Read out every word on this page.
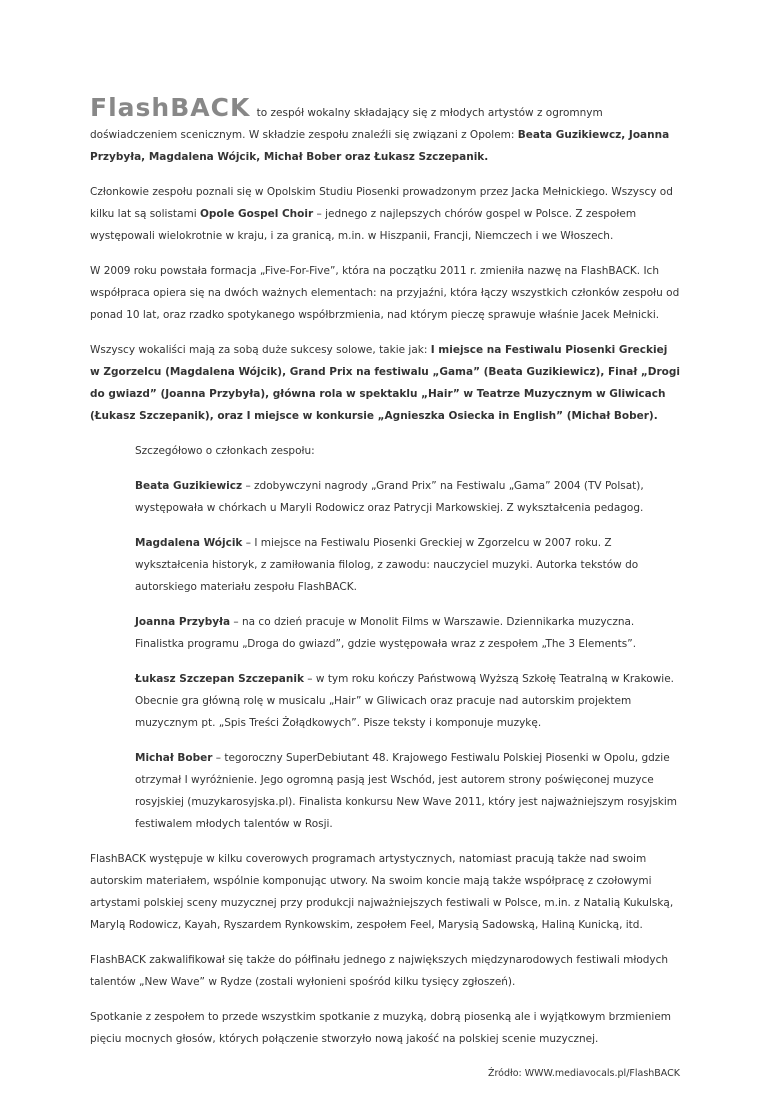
FlashBACK to zespół wokalny składający się z młodych artystów z ogromnym doświadczeniem scenicznym. W składzie zespołu znaleźli się związani z Opolem: Beata Guzikiewcz, Joanna Przybyła, Magdalena Wójcik, Michał Bober oraz Łukasz Szczepanik.

Członkowie zespołu poznali się w Opolskim Studiu Piosenki prowadzonym przez Jacka Mełnickiego. Wszyscy od kilku lat są solistami Opole Gospel Choir – jednego z najlepszych chórów gospel w Polsce. Z zespołem występowali wielokrotnie w kraju, i za granicą, m.in. w Hiszpanii, Francji, Niemczech i we Włoszech.

W 2009 roku powstała formacja „Five-For-Five”, która na początku 2011 r. zmieniła nazwę na FlashBACK. Ich współpraca opiera się na dwóch ważnych elementach: na przyjaźni, która łączy wszystkich członków zespołu od ponad 10 lat, oraz rzadko spotykanego współbrzmienia, nad którym pieczę sprawuje właśnie Jacek Mełnicki.

Wszyscy wokaliści mają za sobą duże sukcesy solowe, takie jak: I miejsce na Festiwalu Piosenki Greckiej w Zgorzelcu (Magdalena Wójcik), Grand Prix na festiwalu „Gama” (Beata Guzikiewicz), Finał „Drogi do gwiazd” (Joanna Przybyła), główna rola w spektaklu „Hair” w Teatrze Muzycznym w Gliwicach (Łukasz Szczepanik), oraz I miejsce w konkursie „Agnieszka Osiecka in English” (Michał Bober).

Szczegółowo o członkach zespołu:

Beata Guzikiewicz – zdobywczyni nagrody „Grand Prix” na Festiwalu „Gama” 2004 (TV Polsat), występowała w chórkach u Maryli Rodowicz oraz Patrycji Markowskiej. Z wykształcenia pedagog.

Magdalena Wójcik – I miejsce na Festiwalu Piosenki Greckiej w Zgorzelcu w 2007 roku. Z wykształcenia historyk, z zamiłowania filolog, z zawodu: nauczyciel muzyki. Autorka tekstów do autorskiego materiału zespołu FlashBACK.

Joanna Przybyła – na co dzień pracuje w Monolit Films w Warszawie. Dziennikarka muzyczna. Finalistka programu „Droga do gwiazd”, gdzie występowała wraz z zespołem „The 3 Elements”.

Łukasz Szczepan Szczepanik – w tym roku kończy Państwową Wyższą Szkołę Teatralną w Krakowie. Obecnie gra główną rolę w musicalu „Hair” w Gliwicach oraz pracuje nad autorskim projektem muzycznym pt. „Spis Treści Żołądkowych”. Pisze teksty i komponuje muzykę.

Michał Bober – tegoroczny SuperDebiutant 48. Krajowego Festiwalu Polskiej Piosenki w Opolu, gdzie otrzymał I wyróżnienie. Jego ogromną pasją jest Wschód, jest autorem strony poświęconej muzyce rosyjskiej (muzykarosyjska.pl). Finalista konkursu New Wave 2011, który jest najważniejszym rosyjskim festiwalem młodych talentów w Rosji.

FlashBACK występuje w kilku coverowych programach artystycznych, natomiast pracują także nad swoim autorskim materiałem, wspólnie komponując utwory. Na swoim koncie mają także współpracę z czołowymi artystami polskiej sceny muzycznej przy produkcji najważniejszych festiwali w Polsce, m.in. z Natalią Kukulską, Marylą Rodowicz, Kayah, Ryszardem Rynkowskim, zespołem Feel, Marysią Sadowską, Haliną Kunicką, itd.

FlashBACK zakwalifikował się także do półfinału jednego z największych międzynarodowych festiwali młodych talentów „New Wave” w Rydze (zostali wyłonieni spośród kilku tysięcy zgłoszeń).

Spotkanie z zespołem to przede wszystkim spotkanie z muzyką, dobrą piosenką ale i wyjątkowym brzmieniem pięciu mocnych głosów, których połączenie stworzyło nową jakość na polskiej scenie muzycznej.

Źródło: WWW.mediavocals.pl/FlashBACK
